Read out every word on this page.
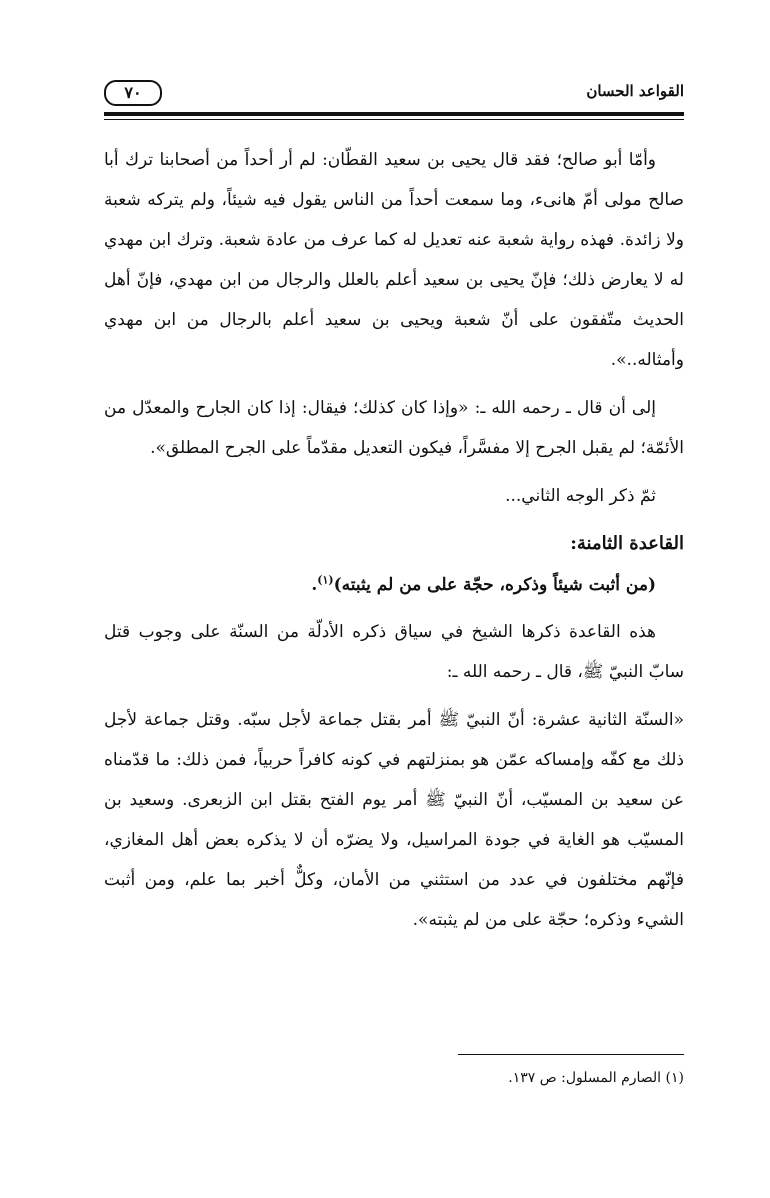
القواعد الحسان
٧٠

وأمّا أبو صالح؛ فقد قال يحيى بن سعيد القطّان: لم أر أحداً من أصحابنا ترك أبا صالح مولى أمّ هانىء، وما سمعت أحداً من الناس يقول فيه شيئاً، ولم يتركه شعبة ولا زائدة. فهذه رواية شعبة عنه تعديل له كما عرف من عادة شعبة. وترك ابن مهدي له لا يعارض ذلك؛ فإنّ يحيى بن سعيد أعلم بالعلل والرجال من ابن مهدي، فإنّ أهل الحديث متّفقون على أنّ شعبة ويحيى بن سعيد أعلم بالرجال من ابن مهدي وأمثاله..».

إلى أن قال ـ رحمه الله ـ: «وإذا كان كذلك؛ فيقال: إذا كان الجارح والمعدّل من الأئمّة؛ لم يقبل الجرح إلا مفسَّراً، فيكون التعديل مقدّماً على الجرح المطلق».

ثمّ ذكر الوجه الثاني...

القاعدة الثامنة:
(من أثبت شيئاً وذكره، حجّة على من لم يثبته)$^{(١)}$.

هذه القاعدة ذكرها الشيخ في سياق ذكره الأدلّة من السنّة على وجوب قتل سابّ النبيّ ﷺ، قال ـ رحمه الله ـ:

«السنّة الثانية عشرة: أنّ النبيّ ﷺ أمر بقتل جماعة لأجل سبّه. وقتل جماعة لأجل ذلك مع كفّه وإمساكه عمّن هو بمنزلتهم في كونه كافراً حربياً، فمن ذلك: ما قدّمناه عن سعيد بن المسيّب، أنّ النبيّ ﷺ أمر يوم الفتح بقتل ابن الزبعرى. وسعيد بن المسيّب هو الغاية في جودة المراسيل، ولا يضرّه أن لا يذكره بعض أهل المغازي، فإنّهم مختلفون في عدد من استثني من الأمان، وكلٌّ أخبر بما علم، ومن أثبت الشيء وذكره؛ حجّة على من لم يثبته».

(١) الصارم المسلول: ص ١٣٧.
